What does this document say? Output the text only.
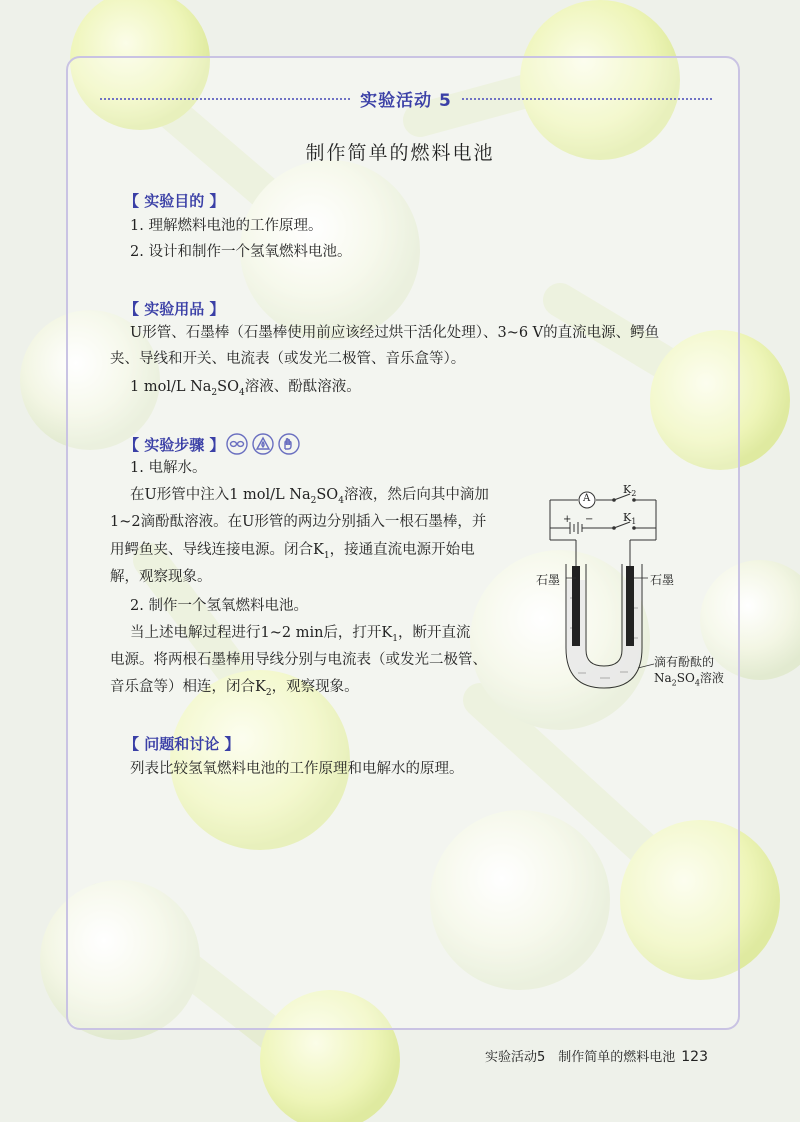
实验活动 5
制作简单的燃料电池
【 实验目的 】
1. 理解燃料电池的工作原理。
2. 设计和制作一个氢氧燃料电池。
【 实验用品 】
U形管、石墨棒（石墨棒使用前应该经过烘干活化处理）、3~6 V的直流电源、鳄鱼
夹、导线和开关、电流表（或发光二极管、音乐盒等）。
1 mol/L $Na_2SO_4$溶液、酚酞溶液。
【 实验步骤 】
1. 电解水。
在U形管中注入1 mol/L $Na_2SO_4$溶液，然后向其中滴加
1~2滴酚酞溶液。在U形管的两边分别插入一根石墨棒，并
用鳄鱼夹、导线连接电源。闭合$K_1$，接通直流电源开始电
解，观察现象。
2. 制作一个氢氧燃料电池。
当上述电解过程进行1~2 min后，打开$K_1$，断开直流
电源。将两根石墨棒用导线分别与电流表（或发光二极管、
音乐盒等）相连，闭合$K_2$，观察现象。
【 问题和讨论 】
列表比较氢氧燃料电池的工作原理和电解水的原理。
A
$K_2$
$K_1$
+ −
石墨	石墨
滴有酚酞的
$Na_2SO_4$溶液
实验活动5　制作简单的燃料电池 123
